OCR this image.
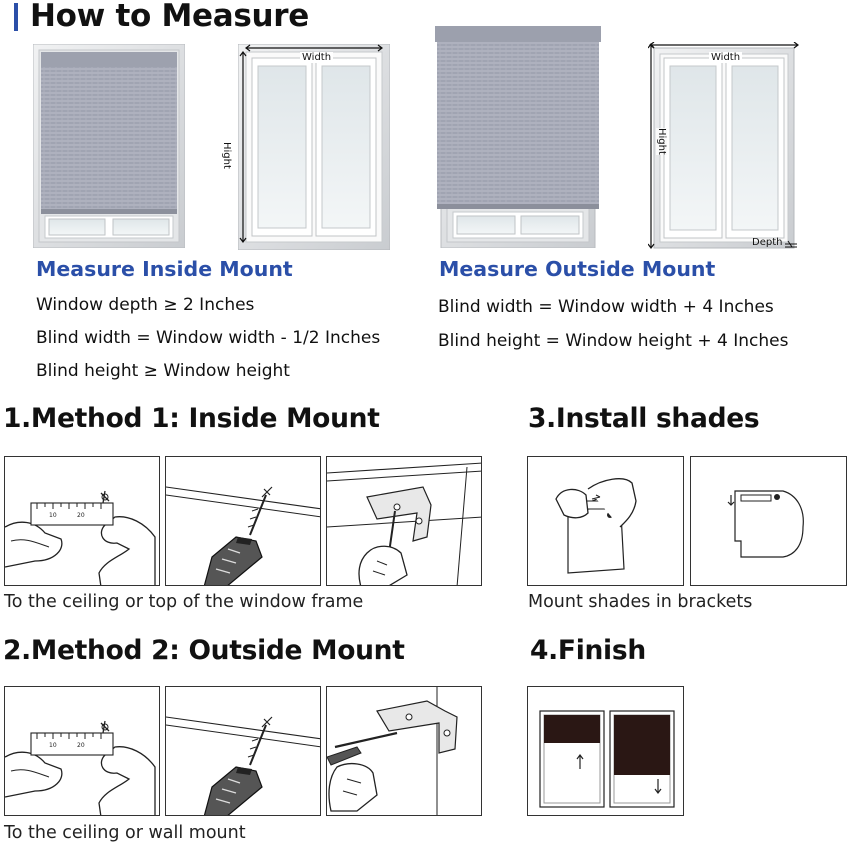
How to Measure
Width
Hight
Width
Hight
Depth
Measure Inside Mount
Window depth ≥ 2 Inches
Blind width = Window width - 1/2 Inches
Blind height ≥ Window height
Measure Outside Mount
Blind width = Window width + 4 Inches
Blind height = Window height + 4 Inches
1.Method 1: Inside Mount
10	20
To the ceiling or top of the window frame
3.Install shades
Mount shades in brackets
2.Method 2: Outside Mount
10	20
To the ceiling or wall mount
4.Finish
